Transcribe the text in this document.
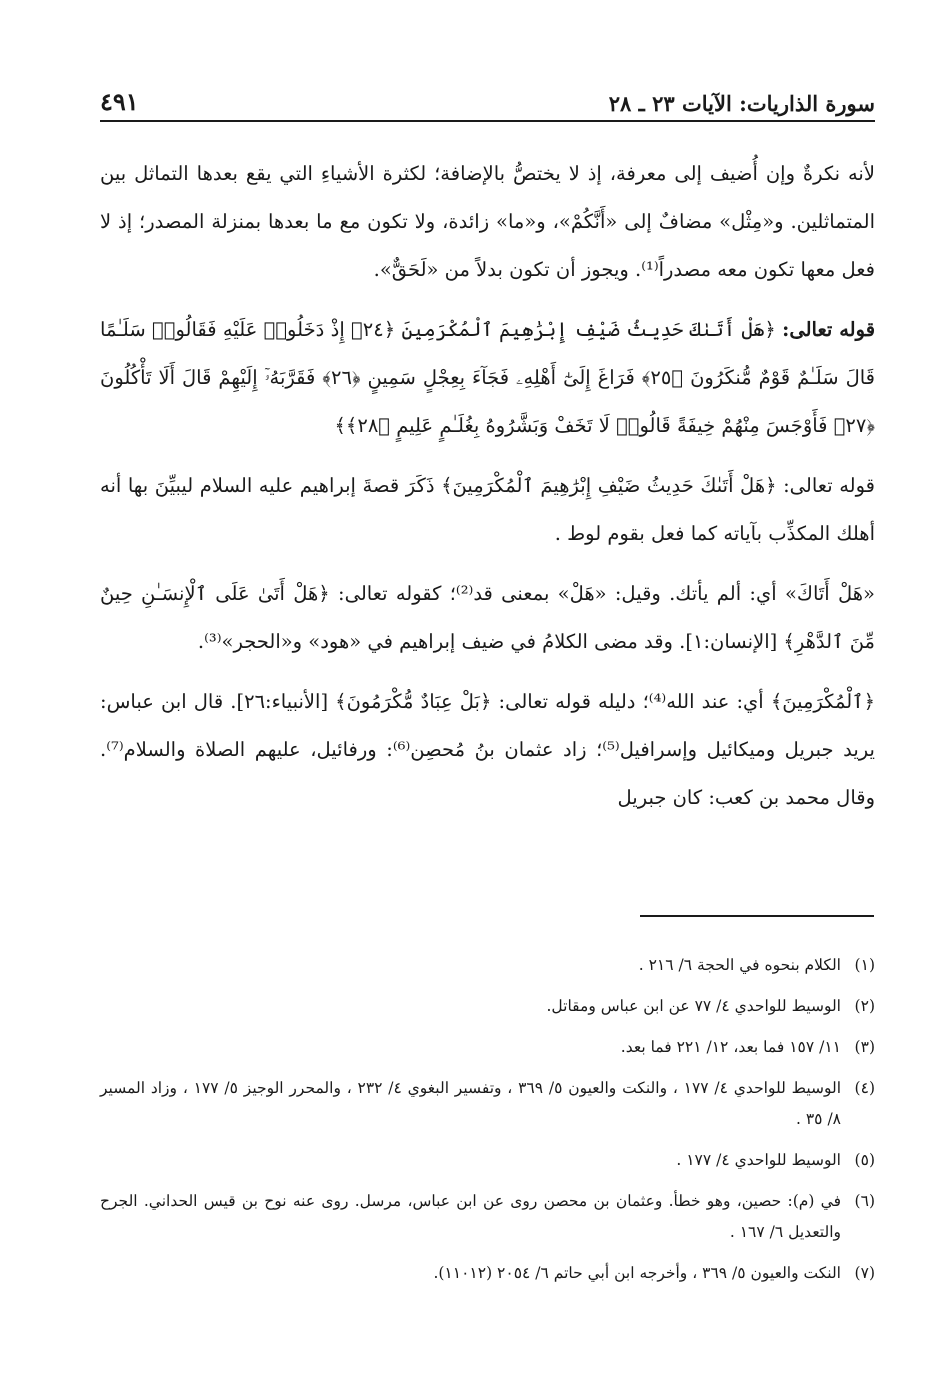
سورة الذاريات: الآيات ٢٣ ـ ٢٨
٤٩١

لأنه نكرةٌ وإن أُضيف إلى معرفة، إذ لا يختصُّ بالإضافة؛ لكثرة الأشياءِ التي يقع بعدها التماثل بين المتماثلين. و«مِثْل» مضافٌ إلى «أَنَّكُمْ»، و«ما» زائدة، ولا تكون مع ما بعدها بمنزلة المصدر؛ إذ لا فعل معها تكون معه مصدراً⁽¹⁾. ويجوز أن تكون بدلاً من «لَحَقٌّ».

قوله تعالى: ﴿هَلْ أَتَىٰكَ حَدِيثُ ضَيْفِ إِبْرَٰهِيمَ ٱلْمُكْرَمِينَ ﴿٢٤﴾ إِذْ دَخَلُوا۟ عَلَيْهِ فَقَالُوا۟ سَلَـٰمًا قَالَ سَلَـٰمٌ قَوْمٌ مُّنكَرُونَ ﴿٢٥﴾ فَرَاغَ إِلَىٰٓ أَهْلِهِۦ فَجَآءَ بِعِجْلٍ سَمِينٍ ﴿٢٦﴾ فَقَرَّبَهُۥٓ إِلَيْهِمْ قَالَ أَلَا تَأْكُلُونَ ﴿٢٧﴾ فَأَوْجَسَ مِنْهُمْ خِيفَةً قَالُوا۟ لَا تَخَفْ وَبَشَّرُوهُ بِغُلَـٰمٍ عَلِيمٍ ﴿٢٨﴾﴾

قوله تعالى: ﴿هَلْ أَتَىٰكَ حَدِيثُ ضَيْفِ إِبْرَٰهِيمَ ٱلْمُكْرَمِينَ﴾ ذَكَرَ قصةَ إبراهيم عليه السلام ليبيِّنَ بها أنه أهلك المكذِّب بآياته كما فعل بقوم لوط .

«هَلْ أَتَاكَ» أي: ألم يأتك. وقيل: «هَلْ» بمعنى قد⁽²⁾؛ كقوله تعالى: ﴿هَلْ أَتَىٰ عَلَى ٱلْإِنسَـٰنِ حِينٌ مِّنَ ٱلدَّهْرِ﴾ [الإنسان:١]. وقد مضى الكلامُ في ضيف إبراهيم في «هود» و«الحجر»⁽³⁾.

﴿ٱلْمُكْرَمِينَ﴾ أي: عند الله⁽⁴⁾؛ دليله قوله تعالى: ﴿بَلْ عِبَادٌ مُّكْرَمُونَ﴾ [الأنبياء:٢٦]. قال ابن عباس: يريد جبريل وميكائيل وإسرافيل⁽⁵⁾؛ زاد عثمان بنُ مُحصِن⁽⁶⁾: ورفائيل، عليهم الصلاة والسلام⁽⁷⁾. وقال محمد بن كعب: كان جبريل

(١)
الكلام بنحوه في الحجة ٦/ ٢١٦ .
(٢)
الوسيط للواحدي ٤/ ٧٧ عن ابن عباس ومقاتل.
(٣)
١١/ ١٥٧ فما بعد، ١٢/ ٢٢١ فما بعد.
(٤)
الوسيط للواحدي ٤/ ١٧٧ ، والنكت والعيون ٥/ ٣٦٩ ، وتفسير البغوي ٤/ ٢٣٢ ، والمحرر الوجيز ٥/ ١٧٧ ، وزاد المسير ٨/ ٣٥ .
(٥)
الوسيط للواحدي ٤/ ١٧٧ .
(٦)
في (م): حصين، وهو خطأ. وعثمان بن محصن روى عن ابن عباس، مرسل. روى عنه نوح بن قيس الحداني. الجرح والتعديل ٦/ ١٦٧ .
(٧)
النكت والعيون ٥/ ٣٦٩ ، وأخرجه ابن أبي حاتم ٦/ ٢٠٥٤ (١١٠١٢).
